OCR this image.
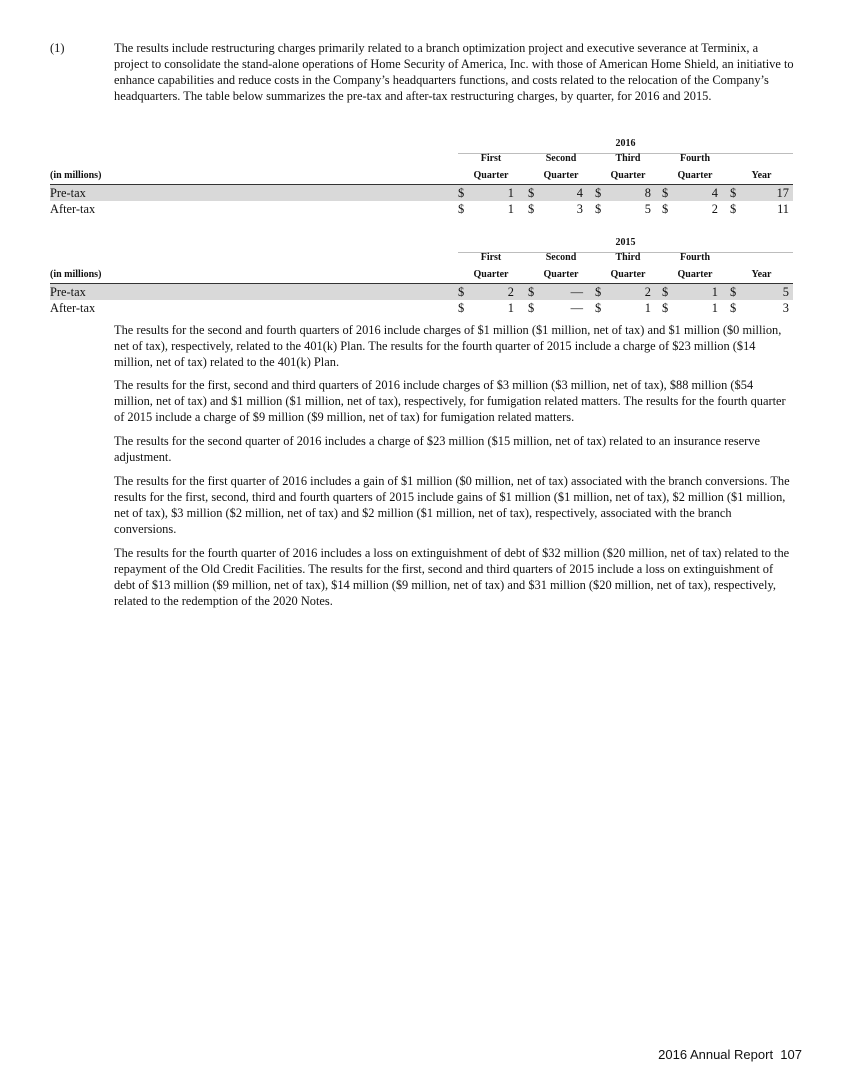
(1)	The results include restructuring charges primarily related to a branch optimization project and executive severance at Terminix, a project to consolidate the stand-alone operations of Home Security of America, Inc. with those of American Home Shield, an initiative to enhance capabilities and reduce costs in the Company’s headquarters functions, and costs related to the relocation of the Company’s headquarters. The table below summarizes the pre-tax and after-tax restructuring charges, by quarter, for 2016 and 2015.
2016
First	Second	Third	Fourth
(in millions)	Quarter	Quarter	Quarter	Quarter	Year
Pre-tax	$	1 $	4 $	8 $	4 $	17
After-tax	$	1 $	3 $	5 $	2 $	11
2015
First	Second	Third	Fourth
(in millions)	Quarter	Quarter	Quarter	Quarter	Year
Pre-tax	$	2 $	— $	2 $	1 $	5
After-tax	$	1 $	— $	1 $	1 $	3
The results for the second and fourth quarters of 2016 include charges of $1 million ($1 million, net of tax) and $1 million ($0 million, net of tax), respectively, related to the 401(k) Plan. The results for the fourth quarter of 2015 include a charge of $23 million ($14 million, net of tax) related to the 401(k) Plan.
The results for the first, second and third quarters of 2016 include charges of $3 million ($3 million, net of tax), $88 million ($54 million, net of tax) and $1 million ($1 million, net of tax), respectively, for fumigation related matters. The results for the fourth quarter of 2015 include a charge of $9 million ($9 million, net of tax) for fumigation related matters.
The results for the second quarter of 2016 includes a charge of $23 million ($15 million, net of tax) related to an insurance reserve adjustment.
The results for the first quarter of 2016 includes a gain of $1 million ($0 million, net of tax) associated with the branch conversions. The results for the first, second, third and fourth quarters of 2015 include gains of $1 million ($1 million, net of tax), $2 million ($1 million, net of tax), $3 million ($2 million, net of tax) and $2 million ($1 million, net of tax), respectively, associated with the branch conversions.
The results for the fourth quarter of 2016 includes a loss on extinguishment of debt of $32 million ($20 million, net of tax) related to the repayment of the Old Credit Facilities. The results for the first, second and third quarters of 2015 include a loss on extinguishment of debt of $13 million ($9 million, net of tax), $14 million ($9 million, net of tax) and $31 million ($20 million, net of tax), respectively, related to the redemption of the 2020 Notes.
2016 Annual Report 107
